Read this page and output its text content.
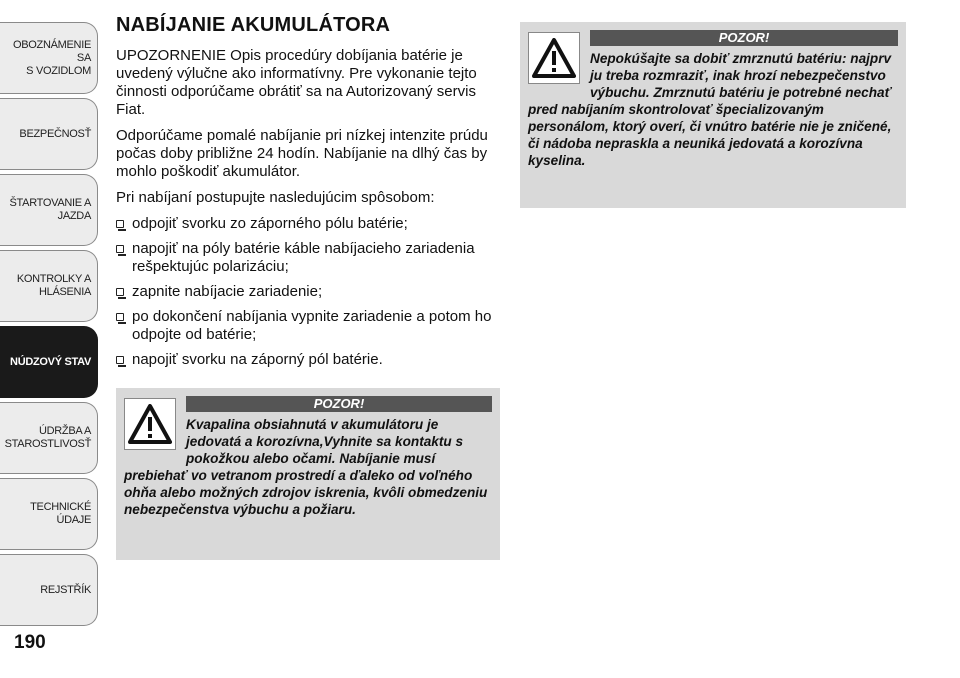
OBOZNÁMENIE SA
S VOZIDLOM
BEZPEČNOSŤ
ŠTARTOVANIE A
JAZDA
KONTROLKY A
HLÁSENIA
NÚDZOVÝ STAV
ÚDRŽBA A
STAROSTLIVOSŤ
TECHNICKÉ ÚDAJE
REJSTŘÍK
190
NABÍJANIE AKUMULÁTORA

UPOZORNENIE Opis procedúry dobíjania batérie je uvedený výlučne ako informatívny. Pre vykonanie tejto činnosti odporúčame obrátiť sa na Autorizovaný servis Fiat.

Odporúčame pomalé nabíjanie pri nízkej intenzite prúdu počas doby približne 24 hodín. Nabíjanie na dlhý čas by mohlo poškodiť akumulátor.

Pri nabíjaní postupujte nasledujúcim spôsobom:

odpojiť svorku zo záporného pólu batérie;
napojiť na póly batérie káble nabíjacieho zariadenia rešpektujúc polarizáciu;
zapnite nabíjacie zariadenie;
po dokončení nabíjania vypnite zariadenie a potom ho odpojte od batérie;
napojiť svorku na záporný pól batérie.
POZOR!

Kvapalina obsiahnutá v akumulátoru je jedovatá a korozívna,Vyhnite sa kontaktu s pokožkou alebo očami. Nabíjanie musí prebiehať vo vetranom prostredí a ďaleko od voľného ohňa alebo možných zdrojov iskrenia, kvôli obmedzeniu nebezpečenstva výbuchu a požiaru.

POZOR!

Nepokúšajte sa dobiť zmrznutú batériu: najprv ju treba rozmraziť, inak hrozí nebezpečenstvo výbuchu. Zmrznutú batériu je potrebné nechať pred nabíjaním skontrolovať špecializovaným personálom, ktorý overí, či vnútro batérie nie je zničené, či nádoba nepraskla a neuniká jedovatá a korozívna kyselina.
